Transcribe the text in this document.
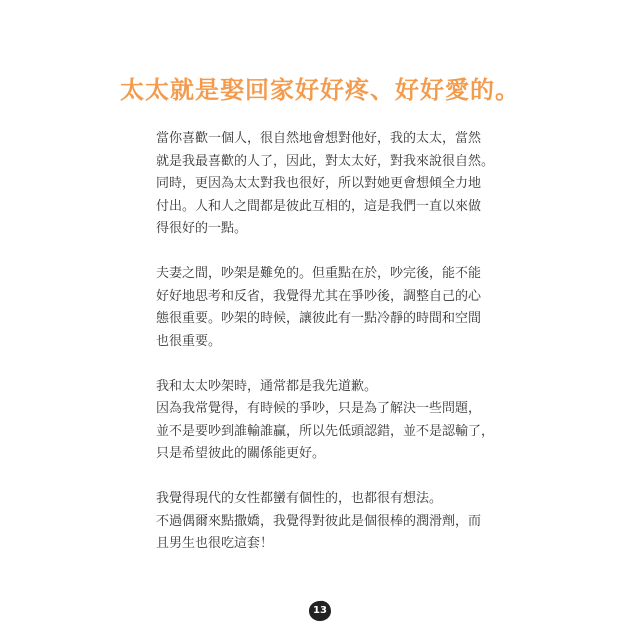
太太就是娶回家好好疼、好好愛的。

當你喜歡一個人，很自然地會想對他好，我的太太，當然
就是我最喜歡的人了，因此，對太太好，對我來說很自然。
同時，更因為太太對我也很好，所以對她更會想傾全力地
付出。人和人之間都是彼此互相的，這是我們一直以來做
得很好的一點。

夫妻之間，吵架是難免的。但重點在於，吵完後，能不能
好好地思考和反省，我覺得尤其在爭吵後，調整自己的心
態很重要。吵架的時候，讓彼此有一點冷靜的時間和空間
也很重要。

我和太太吵架時，通常都是我先道歉。
因為我常覺得，有時候的爭吵，只是為了解決一些問題，
並不是要吵到誰輸誰贏，所以先低頭認錯，並不是認輸了，
只是希望彼此的關係能更好。

我覺得現代的女性都蠻有個性的，也都很有想法。
不過偶爾來點撒嬌，我覺得對彼此是個很棒的潤滑劑，而
且男生也很吃這套！

13
